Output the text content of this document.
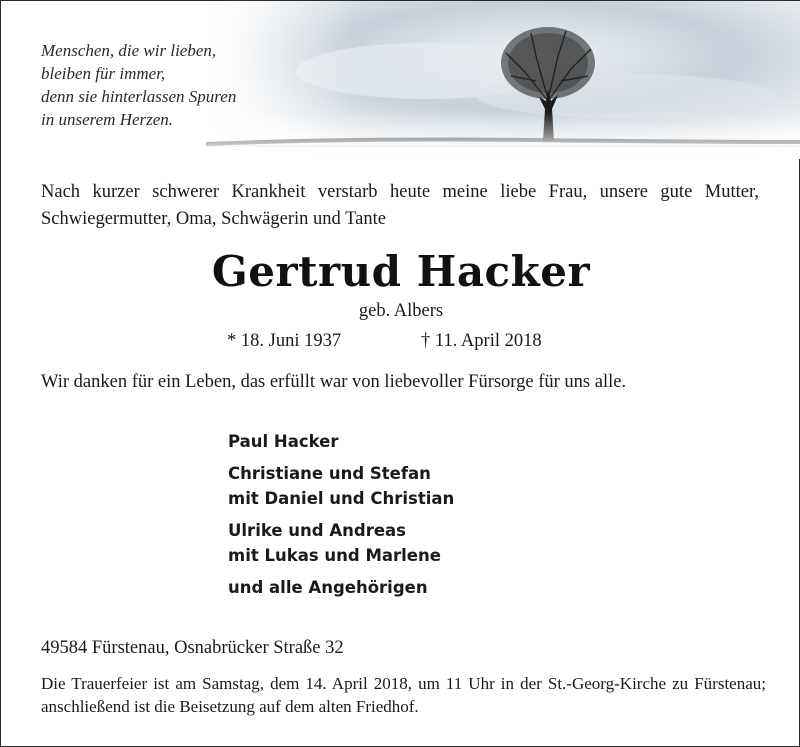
Menschen, die wir lieben,
bleiben für immer,
denn sie hinterlassen Spuren
in unserem Herzen.
Nach kurzer schwerer Krankheit verstarb heute meine liebe Frau, unsere gute Mutter, Schwiegermutter, Oma, Schwägerin und Tante
Gertrud Hacker
geb. Albers
* 18. Juni 1937	† 11. April 2018
Wir danken für ein Leben, das erfüllt war von liebevoller Fürsorge für uns alle.
Paul Hacker
Christiane und Stefan
mit Daniel und Christian
Ulrike und Andreas
mit Lukas und Marlene
und alle Angehörigen
49584 Fürstenau, Osnabrücker Straße 32
Die Trauerfeier ist am Samstag, dem 14. April 2018, um 11 Uhr in der St.-Georg-Kirche zu Fürstenau; anschließend ist die Beisetzung auf dem alten Friedhof.
